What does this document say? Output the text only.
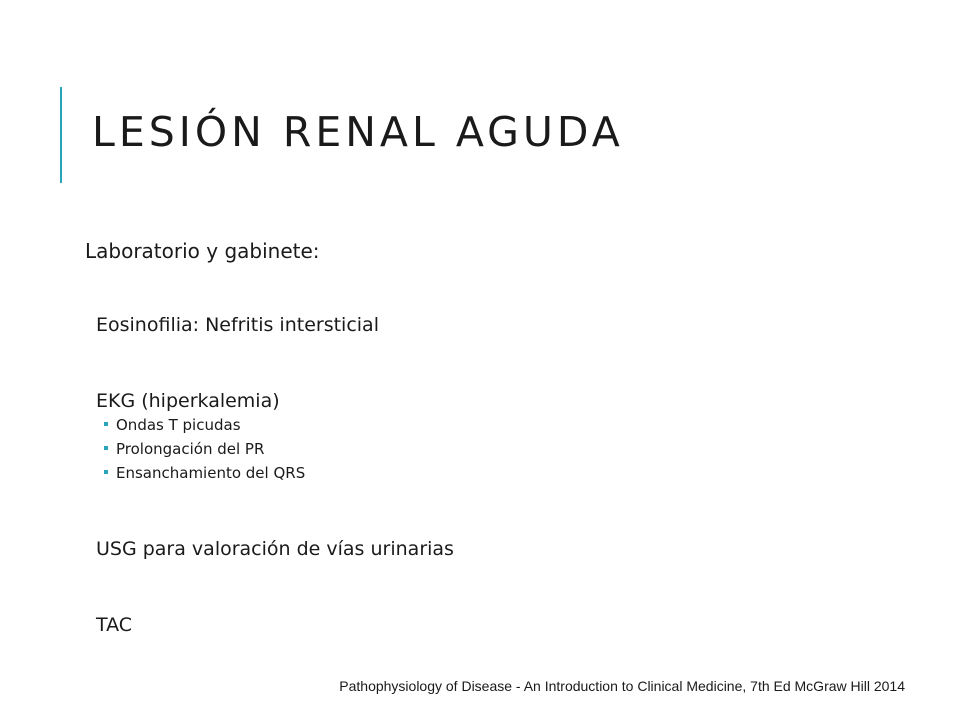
LESIÓN RENAL AGUDA
Laboratorio y gabinete:
Eosinofilia: Nefritis intersticial
EKG (hiperkalemia)
Ondas T picudas
Prolongación del PR
Ensanchamiento del QRS
USG para valoración de vías urinarias
TAC
Pathophysiology of Disease - An Introduction to Clinical Medicine, 7th Ed McGraw Hill 2014
